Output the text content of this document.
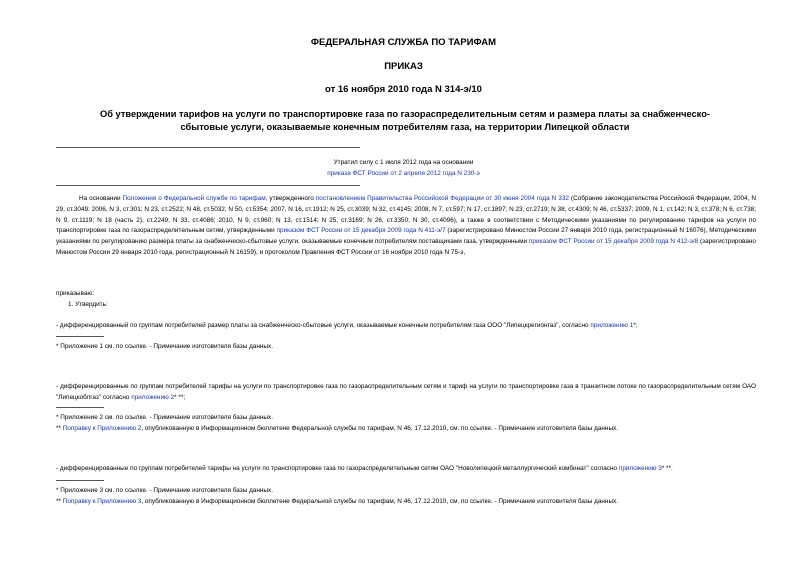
ФЕДЕРАЛЬНАЯ СЛУЖБА ПО ТАРИФАМ
ПРИКАЗ
от 16 ноября 2010 года N 314-э/10
Об утверждении тарифов на услуги по транспортировке газа по газораспределительным сетям и размера платы за снабженческо-сбытовые услуги, оказываемые конечным потребителям газа, на территории Липецкой области
Утратил силу с 1 июля 2012 года на основании
приказа ФСТ России от 2 апреля 2012 года N 230-э
На основании Положения о Федеральной службе по тарифам, утвержденного постановлением Правительства Российской Федерации от 30 июня 2004 года N 332 (Собрание законодательства Российской Федерации, 2004, N 29, ст.3049; 2006, N 3, ст.301; N 23, ст.2522; N 48, ст.5032; N 50, ст.5354; 2007, N 16, ст.1912; N 25, ст.3039; N 32, ст.4145; 2008, N 7, ст.597; N 17, ст.1897; N 23, ст.2719; N 38, ст.4309; N 46, ст.5337; 2009, N 1, ст.142; N 3, ст.378; N 6, ст.738; N 9, ст.1119; N 18 (часть 2), ст.2249; N 33, ст.4086; 2010, N 9, ст.960; N 13, ст.1514; N 25, ст.3169; N 26, ст.3350; N 30, ст.4096), а также в соответствии с Методическими указаниями по регулированию тарифов на услуги по транспортировке газа по газораспределительным сетям, утвержденными приказом ФСТ России от 15 декабря 2009 года N 411-э/7 (зарегистрировано Минюстом России 27 января 2010 года, регистрационный N 16076), Методическими указаниями по регулированию размера платы за снабженческо-сбытовые услуги, оказываемые конечным потребителям поставщиками газа, утвержденными приказом ФСТ России от 15 декабря 2009 года N 412-э/8 (зарегистрировано Минюстом России 29 января 2010 года, регистрационный N 16159), и протоколом Правления ФСТ России от 16 ноября 2010 года N 75-э,
приказываю:
1. Утвердить:
- дифференцированный по группам потребителей размер платы за снабженческо-сбытовые услуги, оказываемые конечным потребителям газа ООО "Липецкрегионгаз", согласно приложению 1*;
* Приложение 1 см. по ссылке. - Примечание изготовителя базы данных.
- дифференцированные по группам потребителей тарифы на услуги по транспортировке газа по газораспределительным сетям и тариф на услуги по транспортировке газа в транзитном потоке по газораспределительным сетям ОАО "Липецкоблгаз" согласно приложению 2* **;
* Приложение 2 см. по ссылке. - Примечание изготовителя базы данных.
** Поправку к Приложению 2, опубликованную в Информационном бюллетене Федеральной службы по тарифам, N 46, 17.12.2010, см. по ссылке. - Примечание изготовителя базы данных.
- дифференцированные по группам потребителей тарифы на услуги по транспортировке газа по газораспределительным сетям ОАО "Новолипецкий металлургический комбинат" согласно приложению 3* **.
* Приложение 3 см. по ссылке. - Примечание изготовителя базы данных.
** Поправку к Приложению 3, опубликованную в Информационном бюллетене Федеральной службы по тарифам, N 46, 17.12.2010, см. по ссылке. - Примечание изготовителя базы данных.
